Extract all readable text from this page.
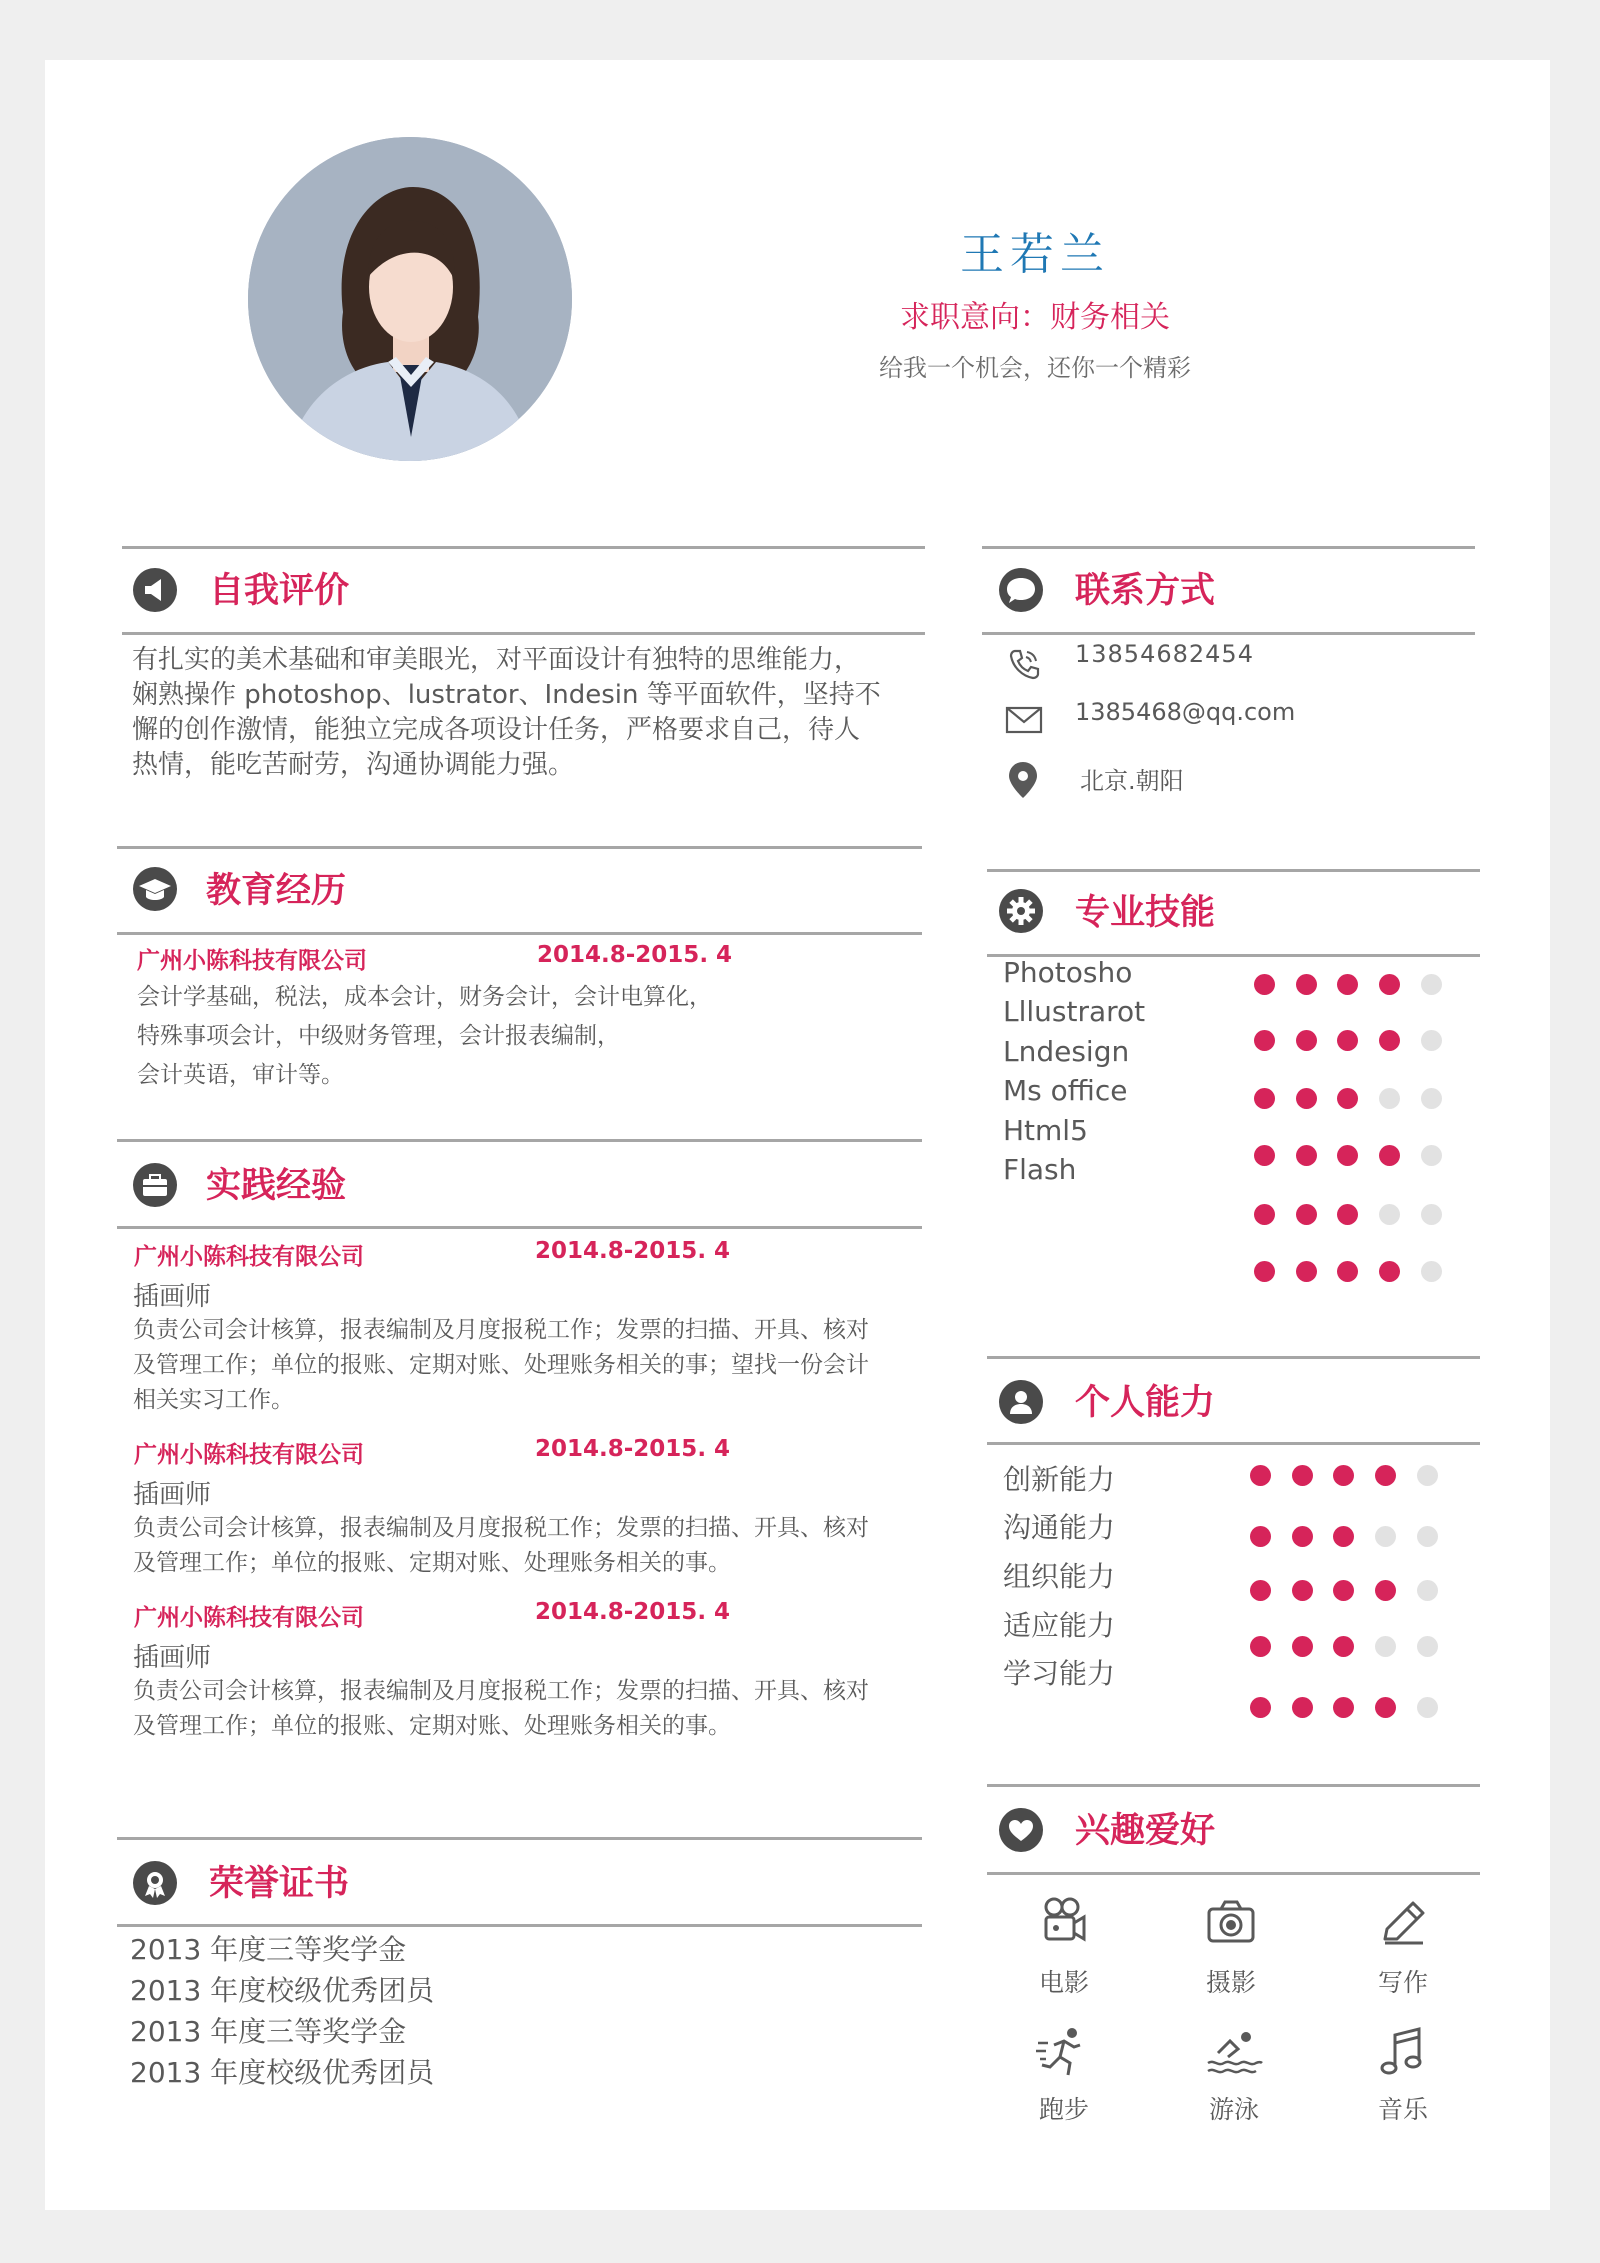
王若兰
求职意向：财务相关
给我一个机会，还你一个精彩
自我评价
有扎实的美术基础和审美眼光，对平面设计有独特的思维能力，
娴熟操作 photoshop、lustrator、Indesin 等平面软件，坚持不
懈的创作激情，能独立完成各项设计任务，严格要求自己，待人
热情，能吃苦耐劳，沟通协调能力强。
教育经历
广州小陈科技有限公司	2014.8-2015. 4
会计学基础，税法，成本会计，财务会计，会计电算化，
特殊事项会计，中级财务管理，会计报表编制，
会计英语，审计等。
实践经验
广州小陈科技有限公司	2014.8-2015. 4
插画师
负责公司会计核算，报表编制及月度报税工作；发票的扫描、开具、核对
及管理工作；单位的报账、定期对账、处理账务相关的事；望找一份会计
相关实习工作。
广州小陈科技有限公司	2014.8-2015. 4
插画师
负责公司会计核算，报表编制及月度报税工作；发票的扫描、开具、核对
及管理工作；单位的报账、定期对账、处理账务相关的事。
广州小陈科技有限公司	2014.8-2015. 4
插画师
负责公司会计核算，报表编制及月度报税工作；发票的扫描、开具、核对
及管理工作；单位的报账、定期对账、处理账务相关的事。
荣誉证书
2013 年度三等奖学金
2013 年度校级优秀团员
2013 年度三等奖学金
2013 年度校级优秀团员
联系方式
13854682454
1385468@qq.com
北京.朝阳
专业技能
Photosho
Lllustrarot
Lndesign
Ms office
Html5
Flash
个人能力
创新能力
沟通能力
组织能力
适应能力
学习能力
兴趣爱好
电影	摄影	写作
跑步	游泳	音乐
